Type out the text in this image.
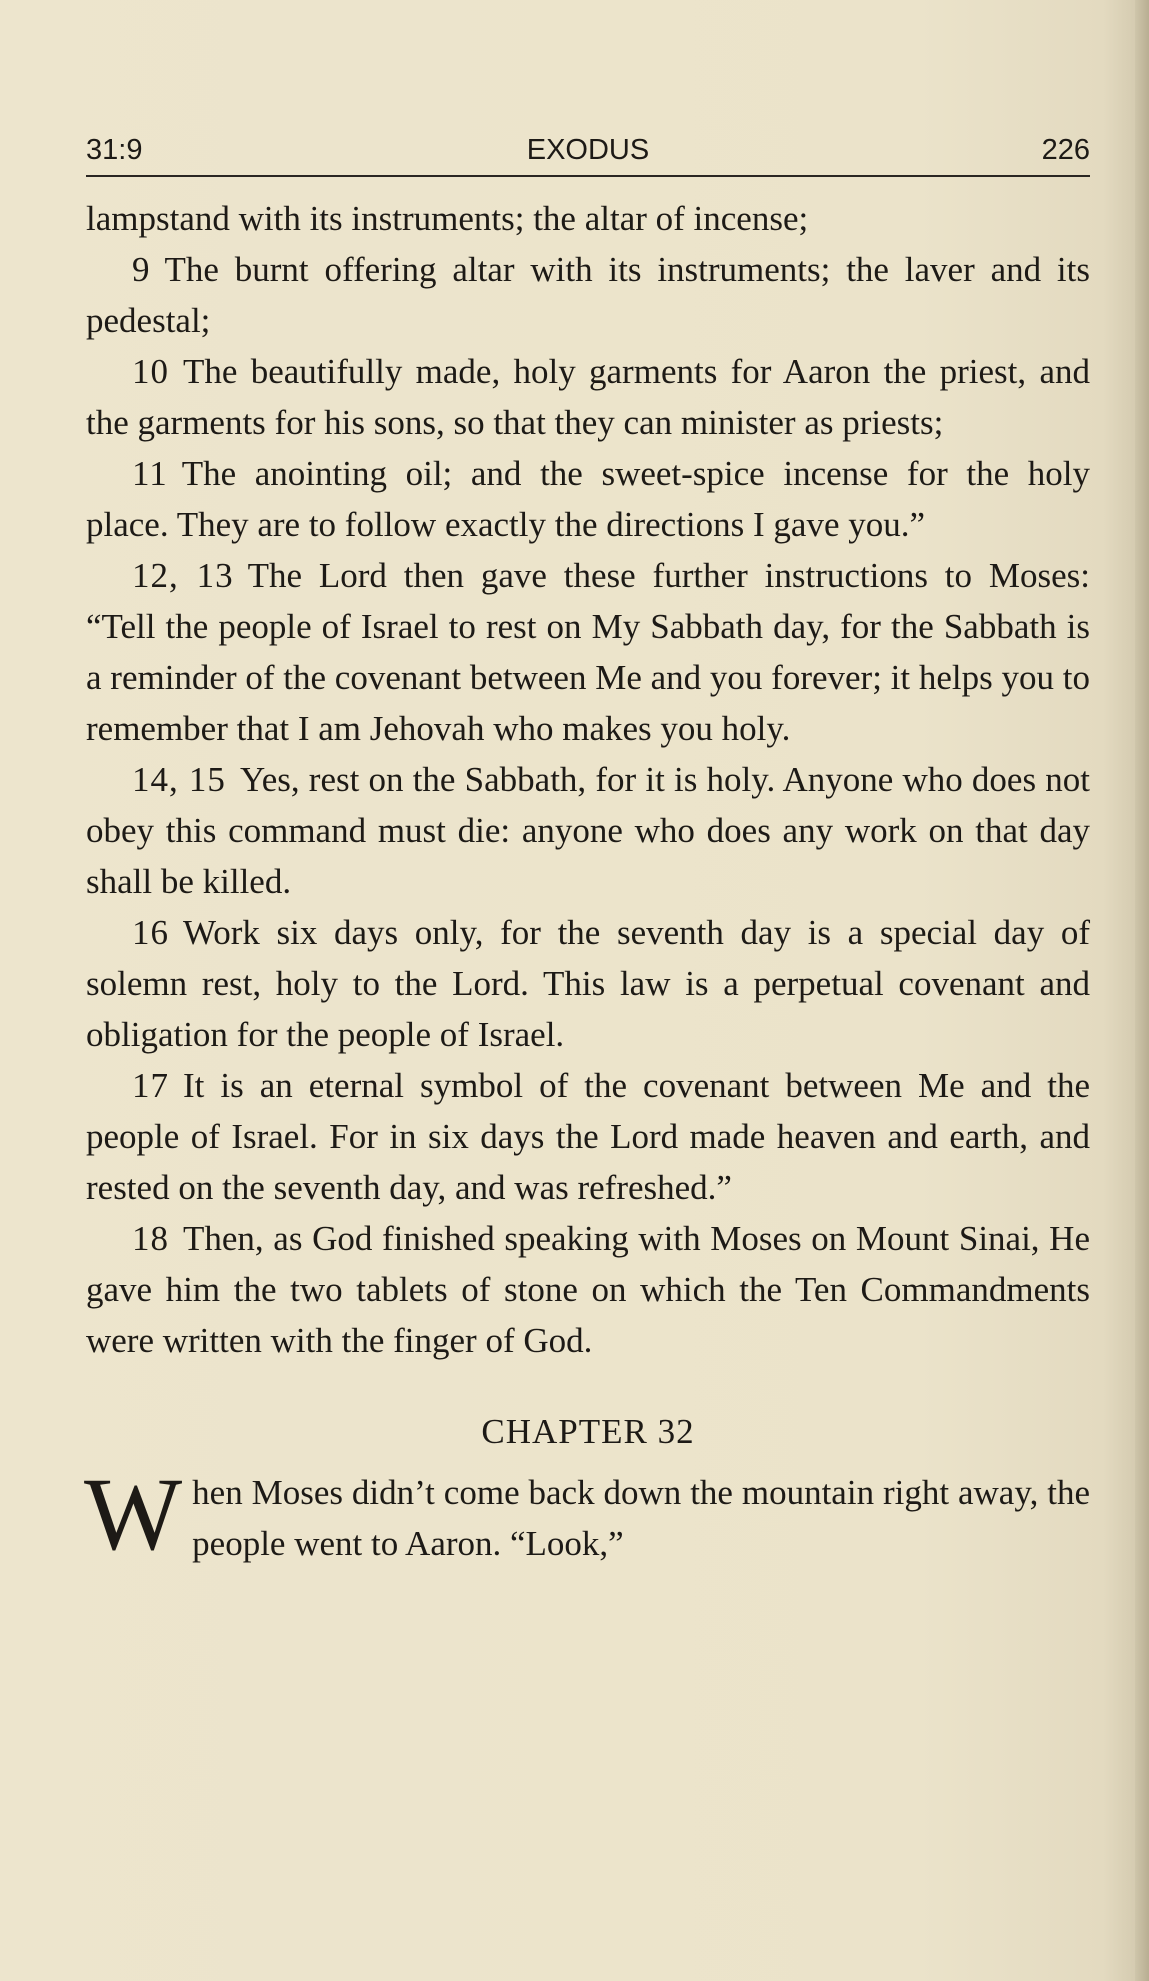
31:9	EXODUS	226

lampstand with its instruments; the altar of incense;

9 The burnt offering altar with its instruments; the laver and its pedestal;

10 The beautifully made, holy garments for Aaron the priest, and the garments for his sons, so that they can minister as priests;

11 The anointing oil; and the sweet-spice incense for the holy place. They are to follow exactly the directions I gave you.”

12, 13 The Lord then gave these further instructions to Moses: “Tell the people of Israel to rest on My Sabbath day, for the Sabbath is a reminder of the covenant between Me and you forever; it helps you to remember that I am Jehovah who makes you holy.

14, 15 Yes, rest on the Sabbath, for it is holy. Anyone who does not obey this command must die: anyone who does any work on that day shall be killed.

16 Work six days only, for the seventh day is a special day of solemn rest, holy to the Lord. This law is a perpetual covenant and obligation for the people of Israel.

17 It is an eternal symbol of the covenant between Me and the people of Israel. For in six days the Lord made heaven and earth, and rested on the seventh day, and was refreshed.”

18 Then, as God finished speaking with Moses on Mount Sinai, He gave him the two tablets of stone on which the Ten Commandments were written with the finger of God.

CHAPTER 32

When Moses didn’t come back down the mountain right away, the people went to Aaron. “Look,”
